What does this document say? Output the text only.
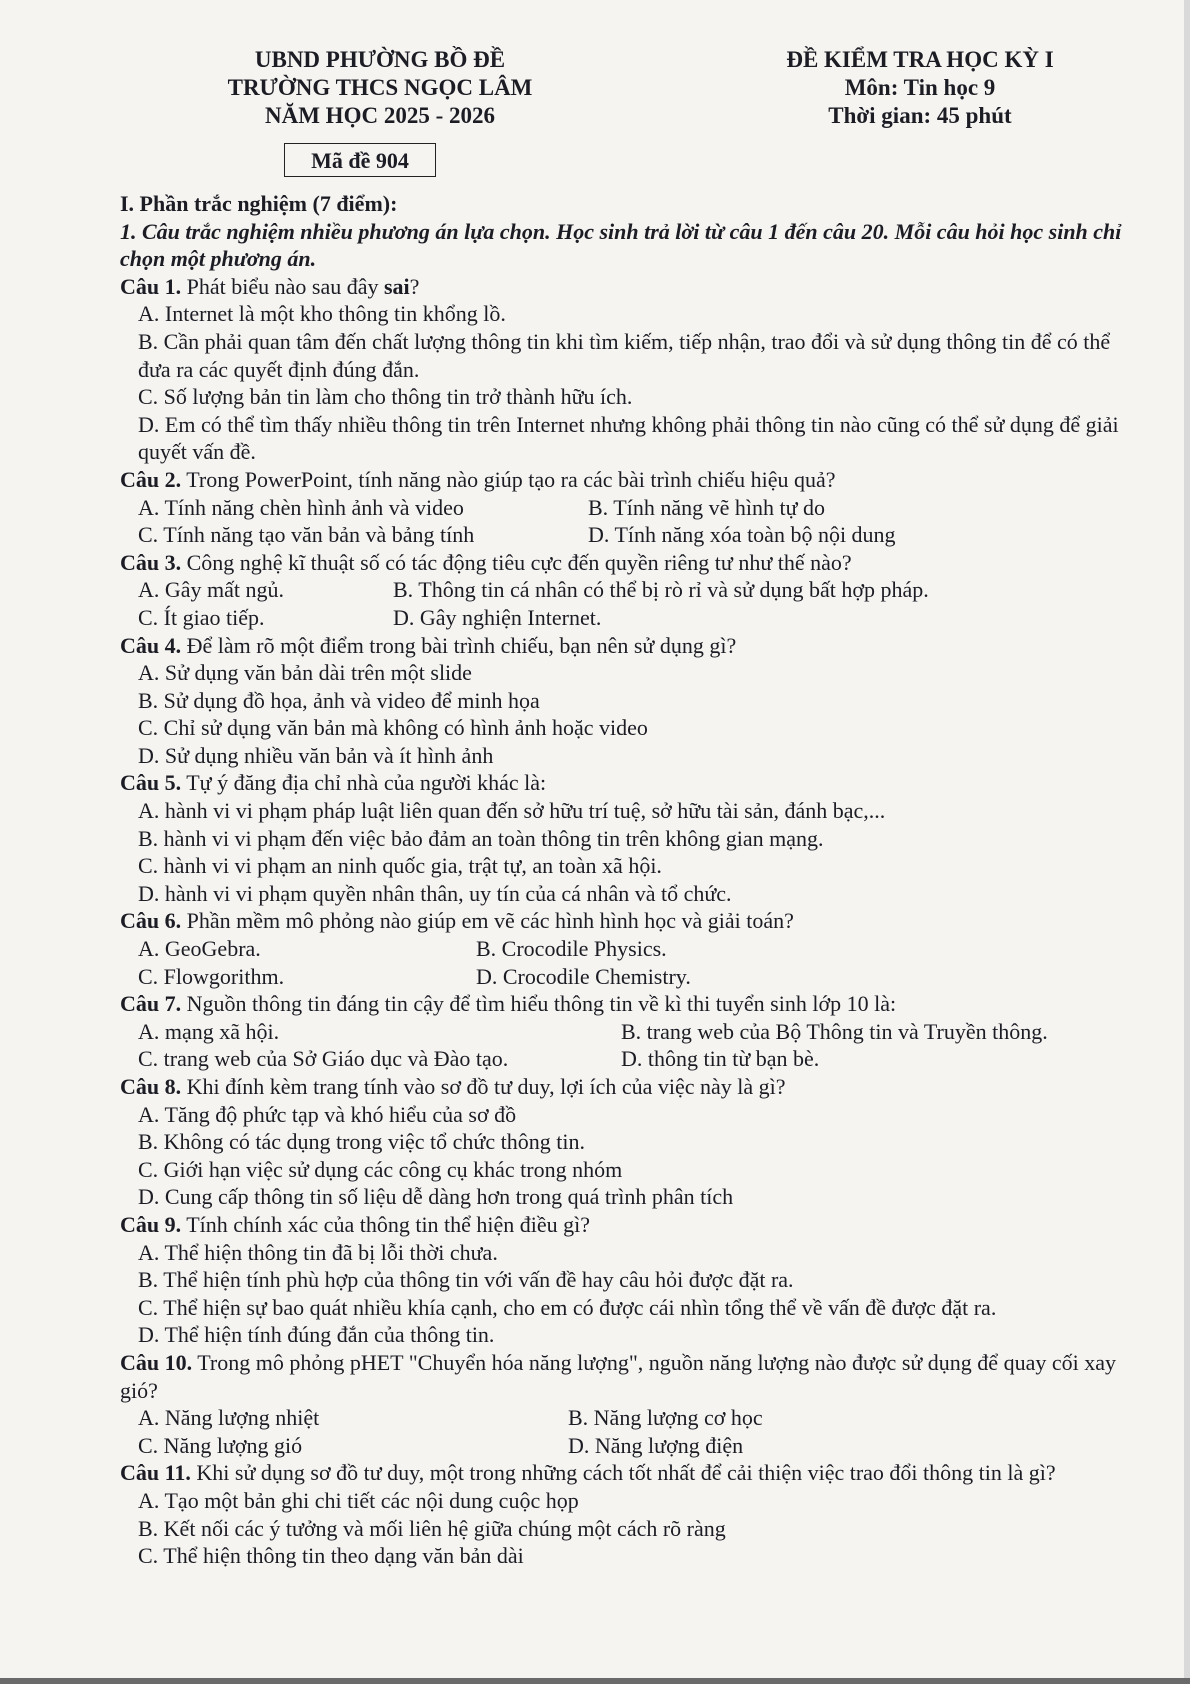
UBND PHƯỜNG BỒ ĐỀ
TRƯỜNG THCS NGỌC LÂM
NĂM HỌC 2025 - 2026
ĐỀ KIỂM TRA HỌC KỲ I
Môn: Tin học 9
Thời gian: 45 phút
Mã đề 904
I. Phần trắc nghiệm (7 điểm):
1. Câu trắc nghiệm nhiều phương án lựa chọn. Học sinh trả lời từ câu 1 đến câu 20. Mỗi câu hỏi học sinh chỉ chọn một phương án.
Câu 1. Phát biểu nào sau đây sai?
A. Internet là một kho thông tin khổng lồ.
B. Cần phải quan tâm đến chất lượng thông tin khi tìm kiếm, tiếp nhận, trao đổi và sử dụng thông tin để có thể đưa ra các quyết định đúng đắn.
C. Số lượng bản tin làm cho thông tin trở thành hữu ích.
D. Em có thể tìm thấy nhiều thông tin trên Internet nhưng không phải thông tin nào cũng có thể sử dụng để giải quyết vấn đề.
Câu 2. Trong PowerPoint, tính năng nào giúp tạo ra các bài trình chiếu hiệu quả?
A. Tính năng chèn hình ảnh và video	B. Tính năng vẽ hình tự do
C. Tính năng tạo văn bản và bảng tính	D. Tính năng xóa toàn bộ nội dung
Câu 3. Công nghệ kĩ thuật số có tác động tiêu cực đến quyền riêng tư như thế nào?
A. Gây mất ngủ.	B. Thông tin cá nhân có thể bị rò rỉ và sử dụng bất hợp pháp.
C. Ít giao tiếp.	D. Gây nghiện Internet.
Câu 4. Để làm rõ một điểm trong bài trình chiếu, bạn nên sử dụng gì?
A. Sử dụng văn bản dài trên một slide
B. Sử dụng đồ họa, ảnh và video để minh họa
C. Chỉ sử dụng văn bản mà không có hình ảnh hoặc video
D. Sử dụng nhiều văn bản và ít hình ảnh
Câu 5. Tự ý đăng địa chỉ nhà của người khác là:
A. hành vi vi phạm pháp luật liên quan đến sở hữu trí tuệ, sở hữu tài sản, đánh bạc,...
B. hành vi vi phạm đến việc bảo đảm an toàn thông tin trên không gian mạng.
C. hành vi vi phạm an ninh quốc gia, trật tự, an toàn xã hội.
D. hành vi vi phạm quyền nhân thân, uy tín của cá nhân và tổ chức.
Câu 6. Phần mềm mô phỏng nào giúp em vẽ các hình hình học và giải toán?
A. GeoGebra.	B. Crocodile Physics.
C. Flowgorithm.	D. Crocodile Chemistry.
Câu 7. Nguồn thông tin đáng tin cậy để tìm hiểu thông tin về kì thi tuyển sinh lớp 10 là:
A. mạng xã hội.	B. trang web của Bộ Thông tin và Truyền thông.
C. trang web của Sở Giáo dục và Đào tạo.	D. thông tin từ bạn bè.
Câu 8. Khi đính kèm trang tính vào sơ đồ tư duy, lợi ích của việc này là gì?
A. Tăng độ phức tạp và khó hiểu của sơ đồ
B. Không có tác dụng trong việc tổ chức thông tin.
C. Giới hạn việc sử dụng các công cụ khác trong nhóm
D. Cung cấp thông tin số liệu dễ dàng hơn trong quá trình phân tích
Câu 9. Tính chính xác của thông tin thể hiện điều gì?
A. Thể hiện thông tin đã bị lỗi thời chưa.
B. Thể hiện tính phù hợp của thông tin với vấn đề hay câu hỏi được đặt ra.
C. Thể hiện sự bao quát nhiều khía cạnh, cho em có được cái nhìn tổng thể về vấn đề được đặt ra.
D. Thể hiện tính đúng đắn của thông tin.
Câu 10. Trong mô phỏng pHET "Chuyển hóa năng lượng", nguồn năng lượng nào được sử dụng để quay cối xay gió?
A. Năng lượng nhiệt	B. Năng lượng cơ học
C. Năng lượng gió	D. Năng lượng điện
Câu 11. Khi sử dụng sơ đồ tư duy, một trong những cách tốt nhất để cải thiện việc trao đổi thông tin là gì?
A. Tạo một bản ghi chi tiết các nội dung cuộc họp
B. Kết nối các ý tưởng và mối liên hệ giữa chúng một cách rõ ràng
C. Thể hiện thông tin theo dạng văn bản dài
